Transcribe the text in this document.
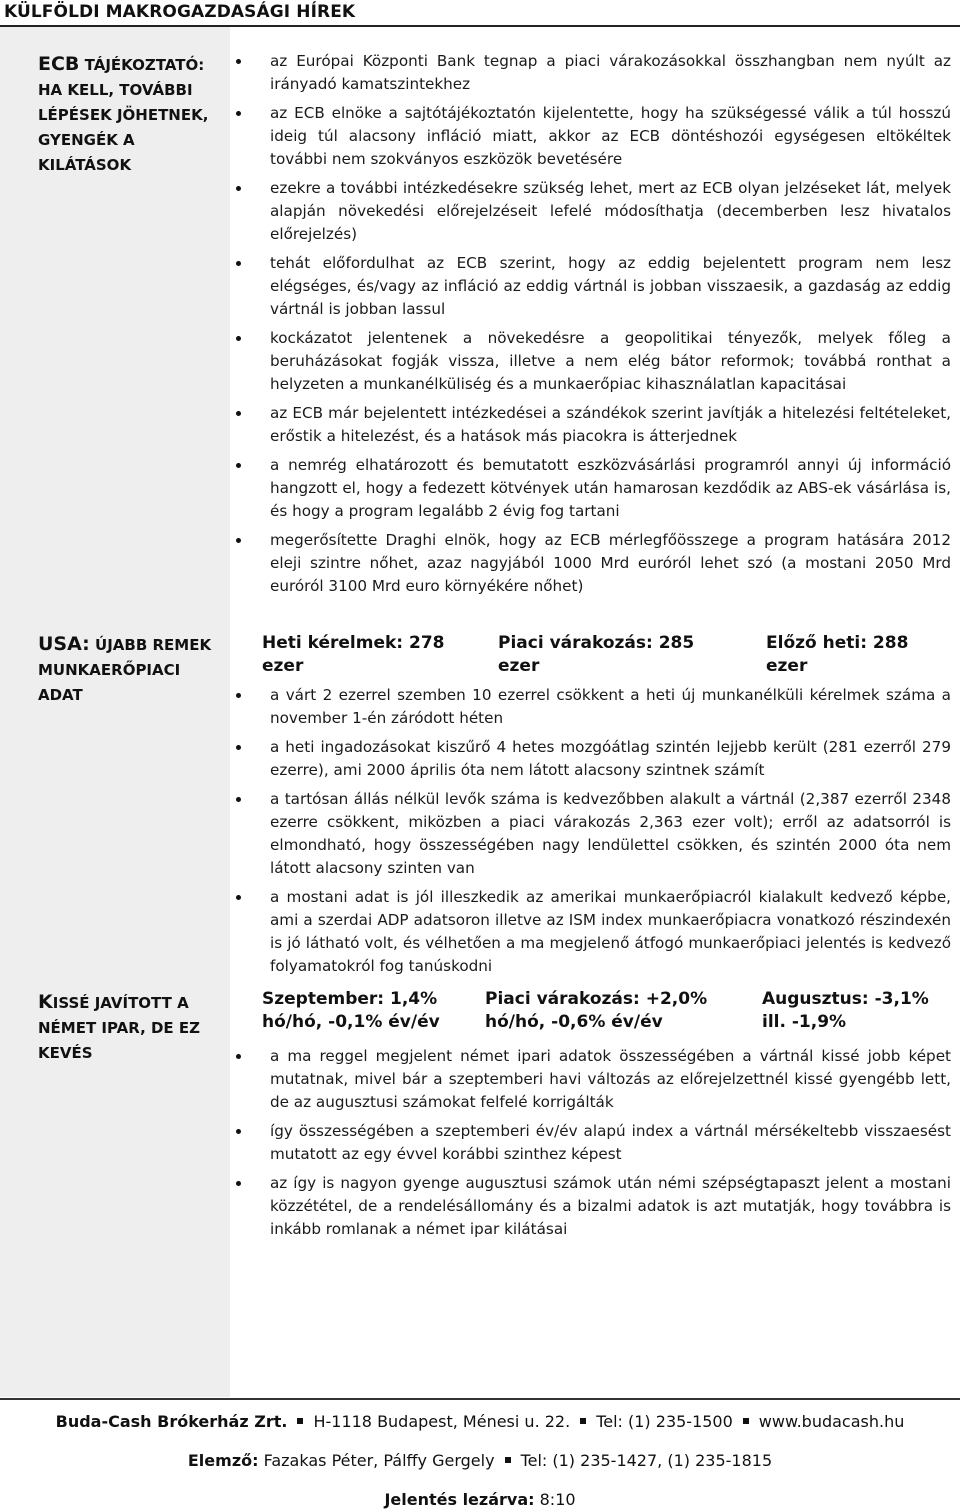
KÜLFÖLDI MAKROGAZDASÁGI HÍREK
ECB TÁJÉKOZTATÓ: HA KELL, TOVÁBBI LÉPÉSEK JÖHETNEK, GYENGÉK A KILÁTÁSOK
az Európai Központi Bank tegnap a piaci várakozásokkal összhangban nem nyúlt az irányadó kamatszintekhez
az ECB elnöke a sajtótájékoztatón kijelentette, hogy ha szükségessé válik a túl hosszú ideig túl alacsony infláció miatt, akkor az ECB döntéshozói egységesen eltökéltek további nem szokványos eszközök bevetésére
ezekre a további intézkedésekre szükség lehet, mert az ECB olyan jelzéseket lát, melyek alapján növekedési előrejelzéseit lefelé módosíthatja (decemberben lesz hivatalos előrejelzés)
tehát előfordulhat az ECB szerint, hogy az eddig bejelentett program nem lesz elégséges, és/vagy az infláció az eddig vártnál is jobban visszaesik, a gazdaság az eddig vártnál is jobban lassul
kockázatot jelentenek a növekedésre a geopolitikai tényezők, melyek főleg a beruházásokat fogják vissza, illetve a nem elég bátor reformok; továbbá ronthat a helyzeten a munkanélküliség és a munkaerőpiac kihasználatlan kapacitásai
az ECB már bejelentett intézkedései a szándékok szerint javítják a hitelezési feltételeket, erőstik a hitelezést, és a hatások más piacokra is átterjednek
a nemrég elhatározott és bemutatott eszközvásárlási programról annyi új információ hangzott el, hogy a fedezett kötvények után hamarosan kezdődik az ABS-ek vásárlása is, és hogy a program legalább 2 évig fog tartani
megerősítette Draghi elnök, hogy az ECB mérlegfőösszege a program hatására 2012 eleji szintre nőhet, azaz nagyjából 1000 Mrd euróról lehet szó (a mostani 2050 Mrd euróról 3100 Mrd euro környékére nőhet)
USA: ÚJABB REMEK MUNKAERŐPIACI ADAT
Heti kérelmek: 278 ezer
Piaci várakozás: 285 ezer
Előző heti: 288 ezer
a várt 2 ezerrel szemben 10 ezerrel csökkent a heti új munkanélküli kérelmek száma a november 1-én záródott héten
a heti ingadozásokat kiszűrő 4 hetes mozgóátlag szintén lejjebb került (281 ezerről 279 ezerre), ami 2000 április óta nem látott alacsony szintnek számít
a tartósan állás nélkül levők száma is kedvezőbben alakult a vártnál (2,387 ezerről 2348 ezerre csökkent, miközben a piaci várakozás 2,363 ezer volt); erről az adatsorról is elmondható, hogy összességében nagy lendülettel csökken, és szintén 2000 óta nem látott alacsony szinten van
a mostani adat is jól illeszkedik az amerikai munkaerőpiacról kialakult kedvező képbe, ami a szerdai ADP adatsoron illetve az ISM index munkaerőpiacra vonatkozó részindexén is jó látható volt, és vélhetően a ma megjelenő átfogó munkaerőpiaci jelentés is kedvező folyamatokról fog tanúskodni
KISSÉ JAVÍTOTT A NÉMET IPAR, DE EZ KEVÉS
Szeptember: 1,4% hó/hó, -0,1% év/év
Piaci várakozás: +2,0% hó/hó, -0,6% év/év
Augusztus: -3,1% ill. -1,9%
a ma reggel megjelent német ipari adatok összességében a vártnál kissé jobb képet mutatnak, mivel bár a szeptemberi havi változás az előrejelzettnél kissé gyengébb lett, de az augusztusi számokat felfelé korrigálták
így összességében a szeptemberi év/év alapú index a vártnál mérsékeltebb visszaesést mutatott az egy évvel korábbi szinthez képest
az így is nagyon gyenge augusztusi számok után némi szépségtapaszt jelent a mostani közzététel, de a rendelésállomány és a bizalmi adatok is azt mutatják, hogy továbbra is inkább romlanak a német ipar kilátásai
Buda-Cash Brókerház Zrt. H-1118 Budapest, Ménesi u. 22. Tel: (1) 235-1500 www.budacash.hu
Elemző: Fazakas Péter, Pálffy Gergely Tel: (1) 235-1427, (1) 235-1815
Jelentés lezárva: 8:10
